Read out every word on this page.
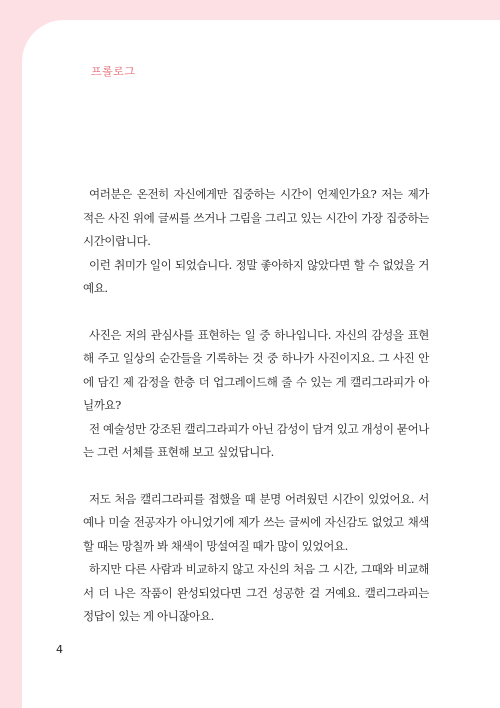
프롤로그

여러분은 온전히 자신에게만 집중하는 시간이 언제인가요? 저는 제가 적은 사진 위에 글씨를 쓰거나 그림을 그리고 있는 시간이 가장 집중하는 시간이랍니다.

이런 취미가 일이 되었습니다. 정말 좋아하지 않았다면 할 수 없었을 거예요.

사진은 저의 관심사를 표현하는 일 중 하나입니다. 자신의 감성을 표현해 주고 일상의 순간들을 기록하는 것 중 하나가 사진이지요. 그 사진 안에 담긴 제 감정을 한층 더 업그레이드해 줄 수 있는 게 캘리그라피가 아닐까요?

전 예술성만 강조된 캘리그라피가 아닌 감성이 담겨 있고 개성이 묻어나는 그런 서체를 표현해 보고 싶었답니다.

저도 처음 캘리그라피를 접했을 때 분명 어려웠던 시간이 있었어요. 서예나 미술 전공자가 아니었기에 제가 쓰는 글씨에 자신감도 없었고 채색할 때는 망칠까 봐 채색이 망설여질 때가 많이 있었어요.

하지만 다른 사람과 비교하지 않고 자신의 처음 그 시간, 그때와 비교해서 더 나은 작품이 완성되었다면 그건 성공한 걸 거예요. 캘리그라피는 정답이 있는 게 아니잖아요.

4
